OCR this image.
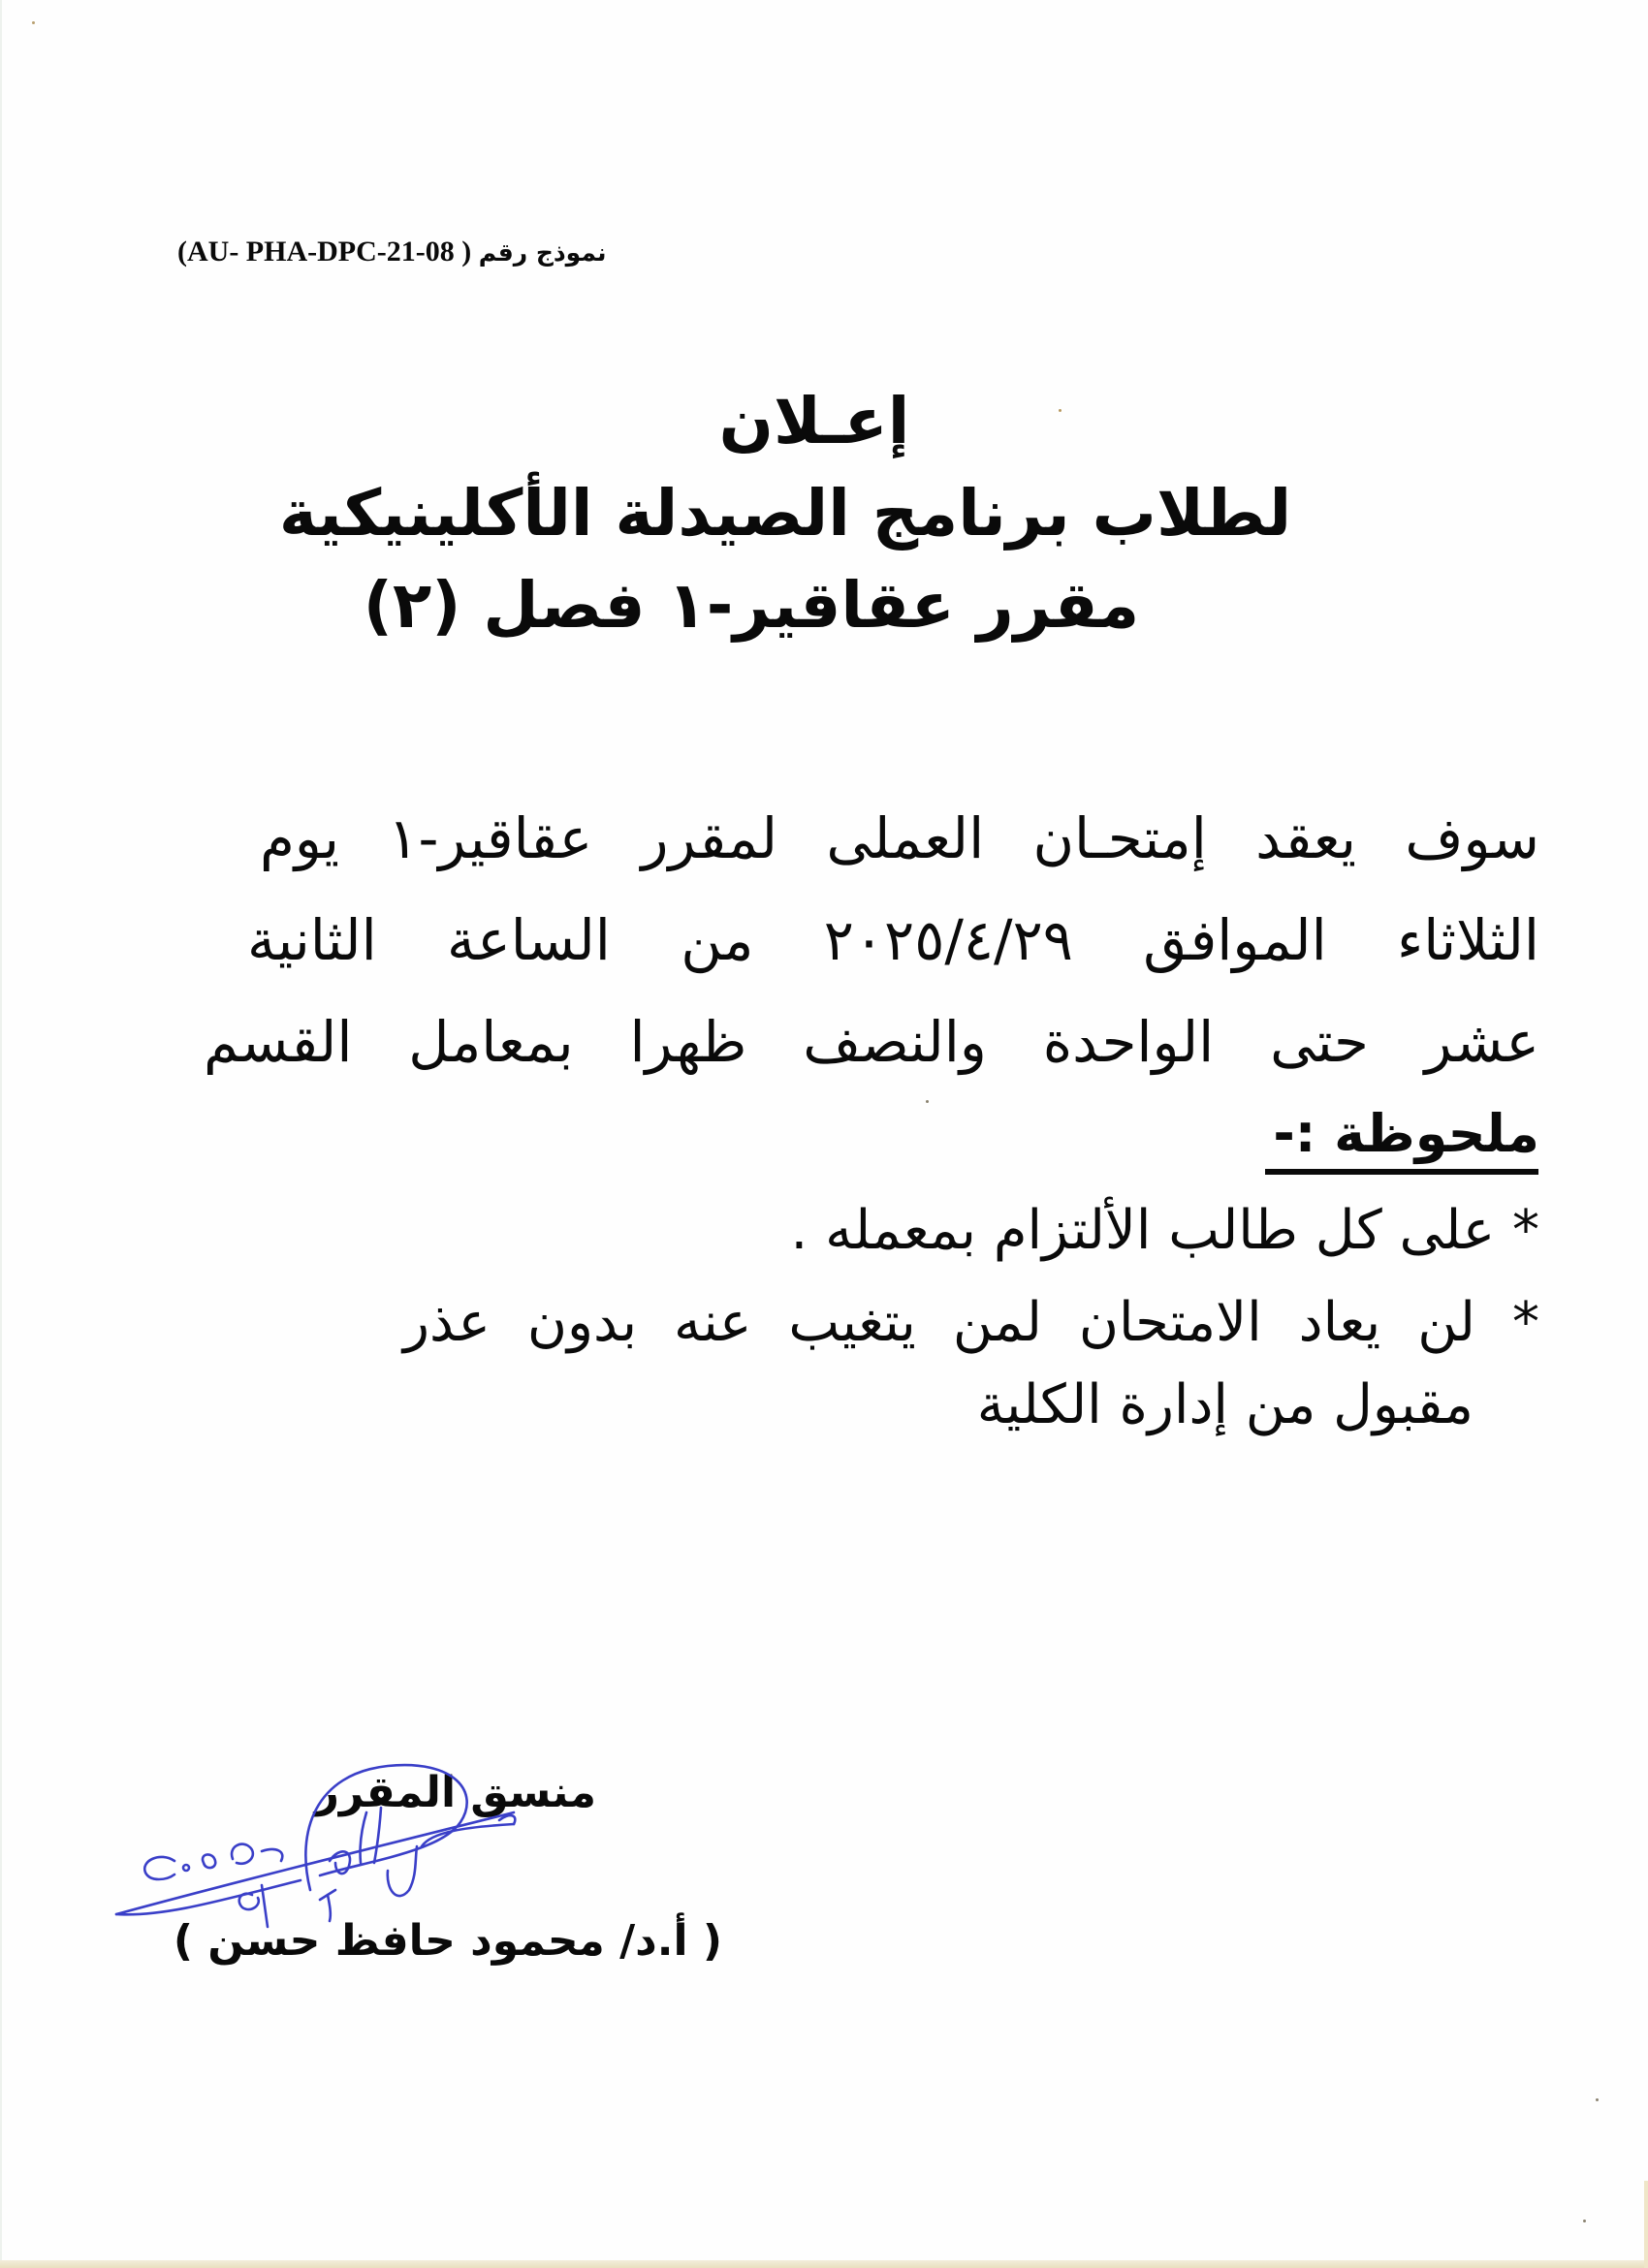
(AU- PHA-DPC-21-08 ) نموذج رقم
إعـلان
لطلاب برنامج الصيدلة الأكلينيكية
مقرر عقاقير-١ فصل (٢)
سوف يعقد إمتحـان العملى لمقرر عقاقير-١ يوم
الثلاثاء الموافق ٢٠٢٥/٤/٢٩ من الساعة الثانية
عشر حتى الواحدة والنصف ظهرا بمعامل القسم
ملحوظة :-
* على كل طالب الألتزام بمعمله .
* لن يعاد الامتحان لمن يتغيب عنه بدون عذر
مقبول من إدارة الكلية
منسق المقرر
( أ.د/ محمود حافظ حسن )
